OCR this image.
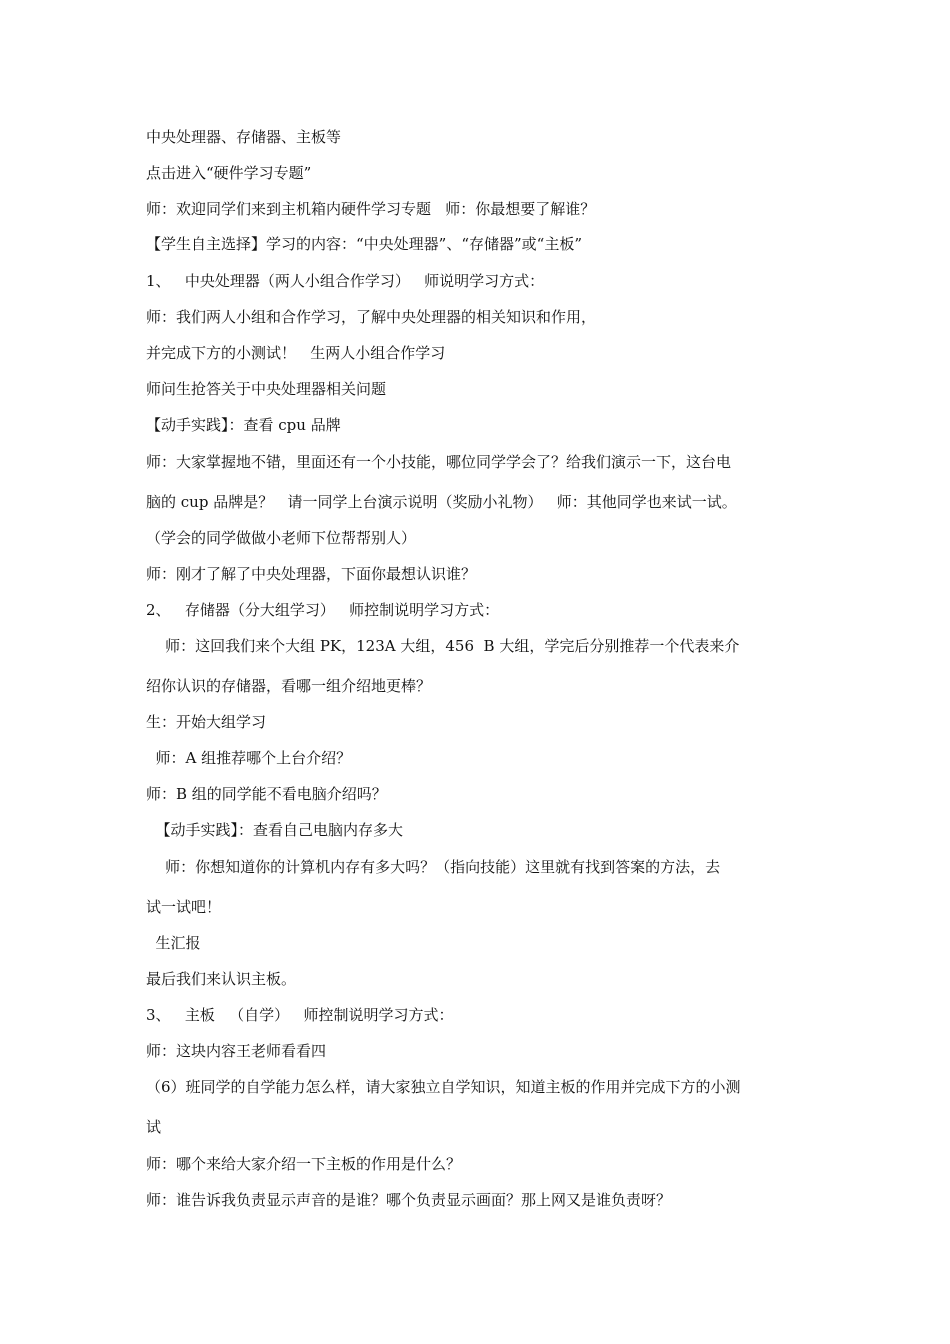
中央处理器、存储器、主板等
点击进入“硬件学习专题”
师：欢迎同学们来到主机箱内硬件学习专题   师：你最想要了解谁？
【学生自主选择】学习的内容：“中央处理器”、“存储器”或“主板”
1、   中央处理器（两人小组合作学习）   师说明学习方式：
师：我们两人小组和合作学习，了解中央处理器的相关知识和作用，
并完成下方的小测试！   生两人小组合作学习
师问生抢答关于中央处理器相关问题
【动手实践】：查看 cpu 品牌
师：大家掌握地不错，里面还有一个小技能，哪位同学学会了？给我们演示一下，这台电
脑的 cup 品牌是？   请一同学上台演示说明（奖励小礼物）   师：其他同学也来试一试。
（学会的同学做做小老师下位帮帮别人）
师：刚才了解了中央处理器，下面你最想认识谁？
2、   存储器（分大组学习）   师控制说明学习方式：
师：这回我们来个大组 PK，123A 大组，456  B 大组，学完后分别推荐一个代表来介
绍你认识的存储器，看哪一组介绍地更棒？
生：开始大组学习
师：A 组推荐哪个上台介绍？
师：B 组的同学能不看电脑介绍吗？
【动手实践】：查看自己电脑内存多大
师：你想知道你的计算机内存有多大吗？（指向技能）这里就有找到答案的方法，去
试一试吧！
生汇报
最后我们来认识主板。
3、   主板   （自学）   师控制说明学习方式：
师：这块内容王老师看看四
（6）班同学的自学能力怎么样，请大家独立自学知识，知道主板的作用并完成下方的小测
试
师：哪个来给大家介绍一下主板的作用是什么？
师：谁告诉我负责显示声音的是谁？哪个负责显示画面？那上网又是谁负责呀？
